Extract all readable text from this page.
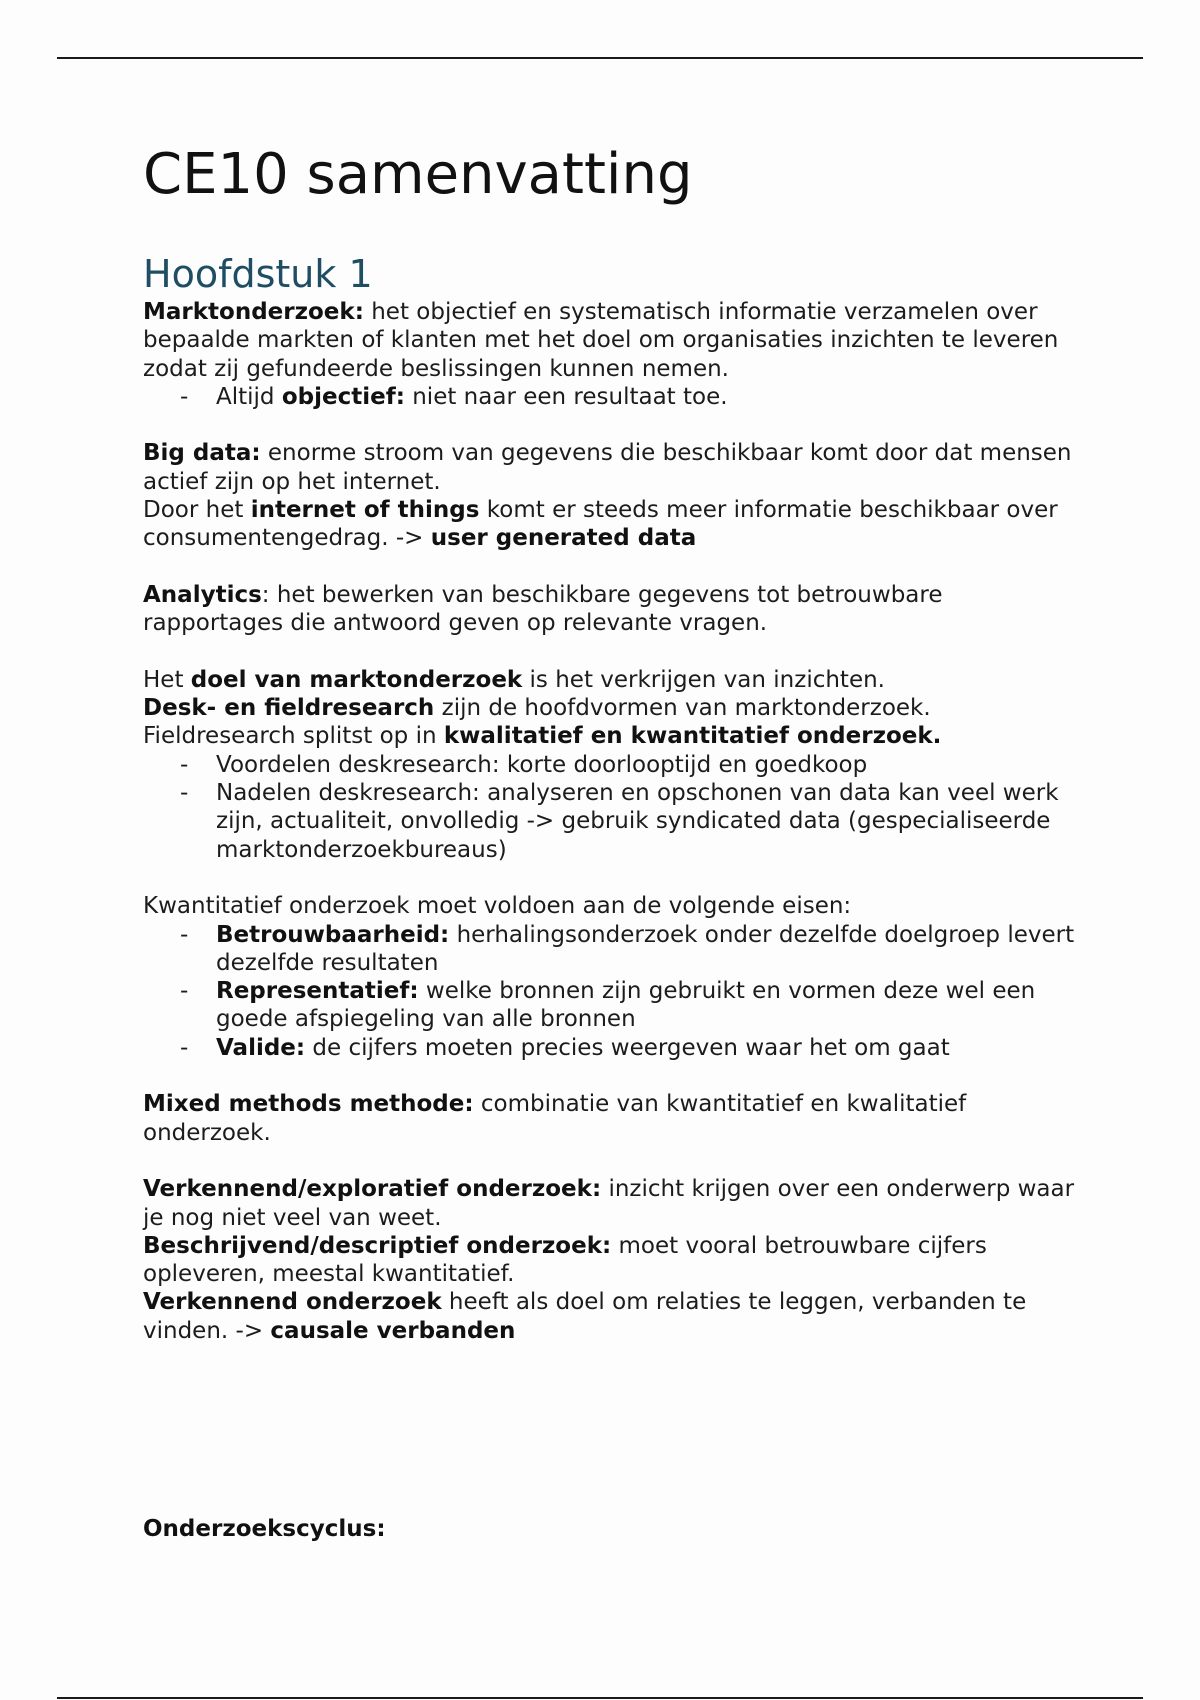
CE10 samenvatting
Hoofdstuk 1

Marktonderzoek: het objectief en systematisch informatie verzamelen over bepaalde markten of klanten met het doel om organisaties inzichten te leveren zodat zij gefundeerde beslissingen kunnen nemen.

- Altijd objectief: niet naar een resultaat toe.

Big data: enorme stroom van gegevens die beschikbaar komt door dat mensen actief zijn op het internet.

Door het internet of things komt er steeds meer informatie beschikbaar over consumentengedrag. -> user generated data

Analytics: het bewerken van beschikbare gegevens tot betrouwbare rapportages die antwoord geven op relevante vragen.

Het doel van marktonderzoek is het verkrijgen van inzichten.

Desk- en fieldresearch zijn de hoofdvormen van marktonderzoek.

Fieldresearch splitst op in kwalitatief en kwantitatief onderzoek.

- Voordelen deskresearch: korte doorlooptijd en goedkoop
- Nadelen deskresearch: analyseren en opschonen van data kan veel werk zijn, actualiteit, onvolledig -> gebruik syndicated data (gespecialiseerde marktonderzoekbureaus)

Kwantitatief onderzoek moet voldoen aan de volgende eisen:

- Betrouwbaarheid: herhalingsonderzoek onder dezelfde doelgroep levert dezelfde resultaten
- Representatief: welke bronnen zijn gebruikt en vormen deze wel een goede afspiegeling van alle bronnen
- Valide: de cijfers moeten precies weergeven waar het om gaat

Mixed methods methode: combinatie van kwantitatief en kwalitatief onderzoek.

Verkennend/exploratief onderzoek: inzicht krijgen over een onderwerp waar je nog niet veel van weet.

Beschrijvend/descriptief onderzoek: moet vooral betrouwbare cijfers opleveren, meestal kwantitatief.

Verkennend onderzoek heeft als doel om relaties te leggen, verbanden te vinden. -> causale verbanden

Onderzoekscyclus:
